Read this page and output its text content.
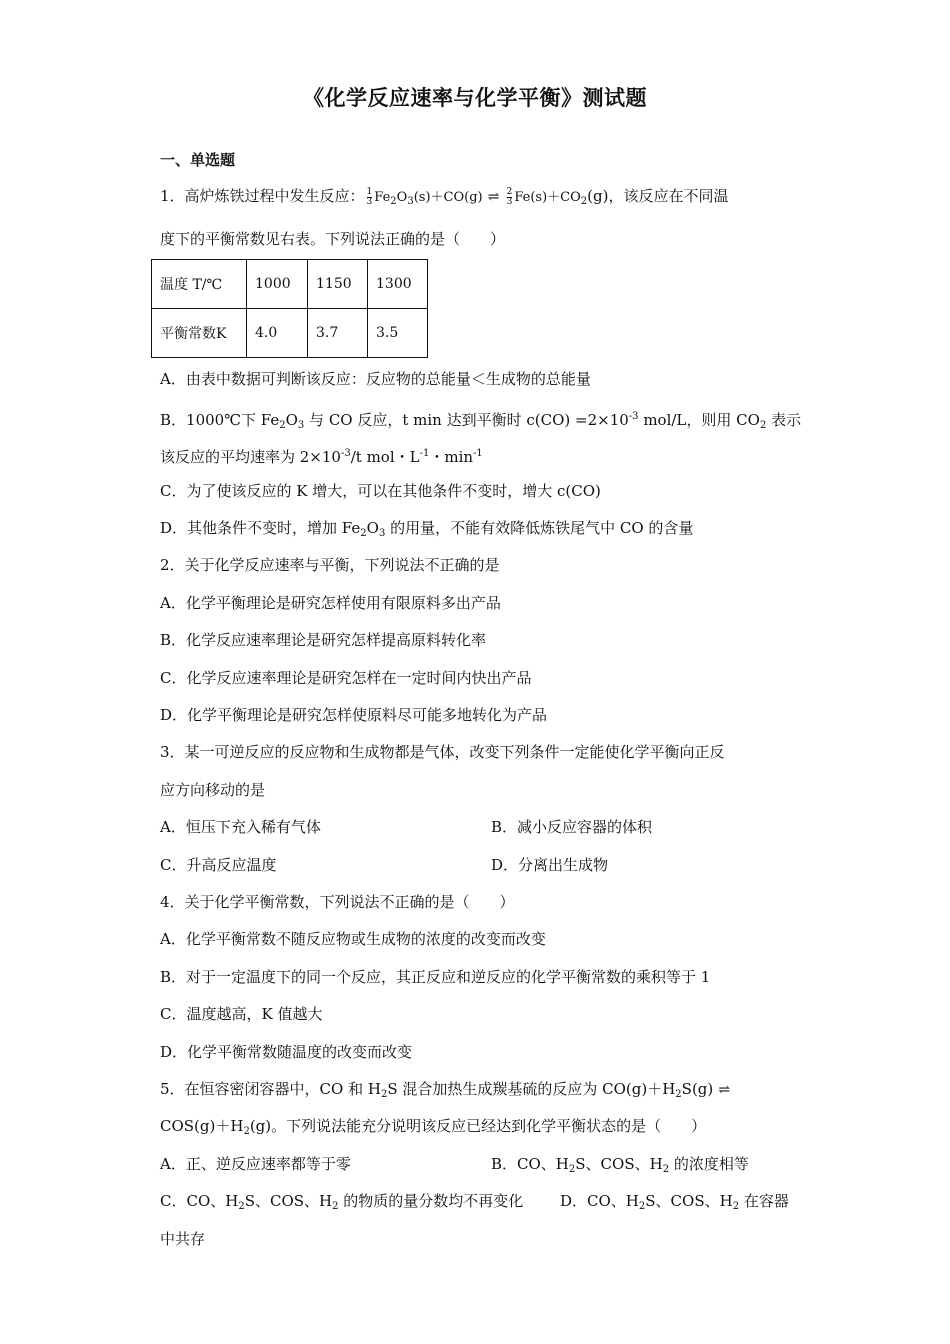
《化学反应速率与化学平衡》测试题
一、单选题
1．高炉炼铁过程中发生反应： $\frac{1}{3} Fe_2O_3(s)+CO(g)$ ⇌ $\frac{2}{3} Fe(s)+CO_2(g)$，该反应在不同温
度下的平衡常数见右表。下列说法正确的是（　　）
温度 T/℃	1000	1150	1300
平衡常数K	4.0	3.7	3.5
A．由表中数据可判断该反应：反应物的总能量＜生成物的总能量
B．1000℃下 $Fe_2O_3$ 与 CO 反应，t min 达到平衡时 $c(CO) =2\times 10^{-3}$ mol/L，则用 $CO_2$ 表示
该反应的平均速率为 $2\times 10^{-3}/t$ mol・$L^{-1}$・$\min^{-1}$
C．为了使该反应的 K 增大，可以在其他条件不变时，增大 c(CO)
D．其他条件不变时，增加 $Fe_2O_3$ 的用量，不能有效降低炼铁尾气中 CO 的含量
2．关于化学反应速率与平衡，下列说法不正确的是
A．化学平衡理论是研究怎样使用有限原料多出产品
B．化学反应速率理论是研究怎样提高原料转化率
C．化学反应速率理论是研究怎样在一定时间内快出产品
D．化学平衡理论是研究怎样使原料尽可能多地转化为产品
3．某一可逆反应的反应物和生成物都是气体，改变下列条件一定能使化学平衡向正反
应方向移动的是
A．恒压下充入稀有气体	B．减小反应容器的体积
C．升高反应温度	D．分离出生成物
4．关于化学平衡常数，下列说法不正确的是（　　）
A．化学平衡常数不随反应物或生成物的浓度的改变而改变
B．对于一定温度下的同一个反应，其正反应和逆反应的化学平衡常数的乘积等于 1
C．温度越高，K 值越大
D．化学平衡常数随温度的改变而改变
5．在恒容密闭容器中，CO 和 $H_2S$ 混合加热生成羰基硫的反应为 $CO(g)+H_2S(g)$ ⇌
$COS(g)+H_2(g)$。下列说法能充分说明该反应已经达到化学平衡状态的是（　　）
A．正、逆反应速率都等于零	B．CO、$H_2S$、COS、$H_2$ 的浓度相等
C．CO、$H_2S$、COS、$H_2$ 的物质的量分数均不再变化 D．CO、$H_2S$、COS、$H_2$ 在容器
中共存
